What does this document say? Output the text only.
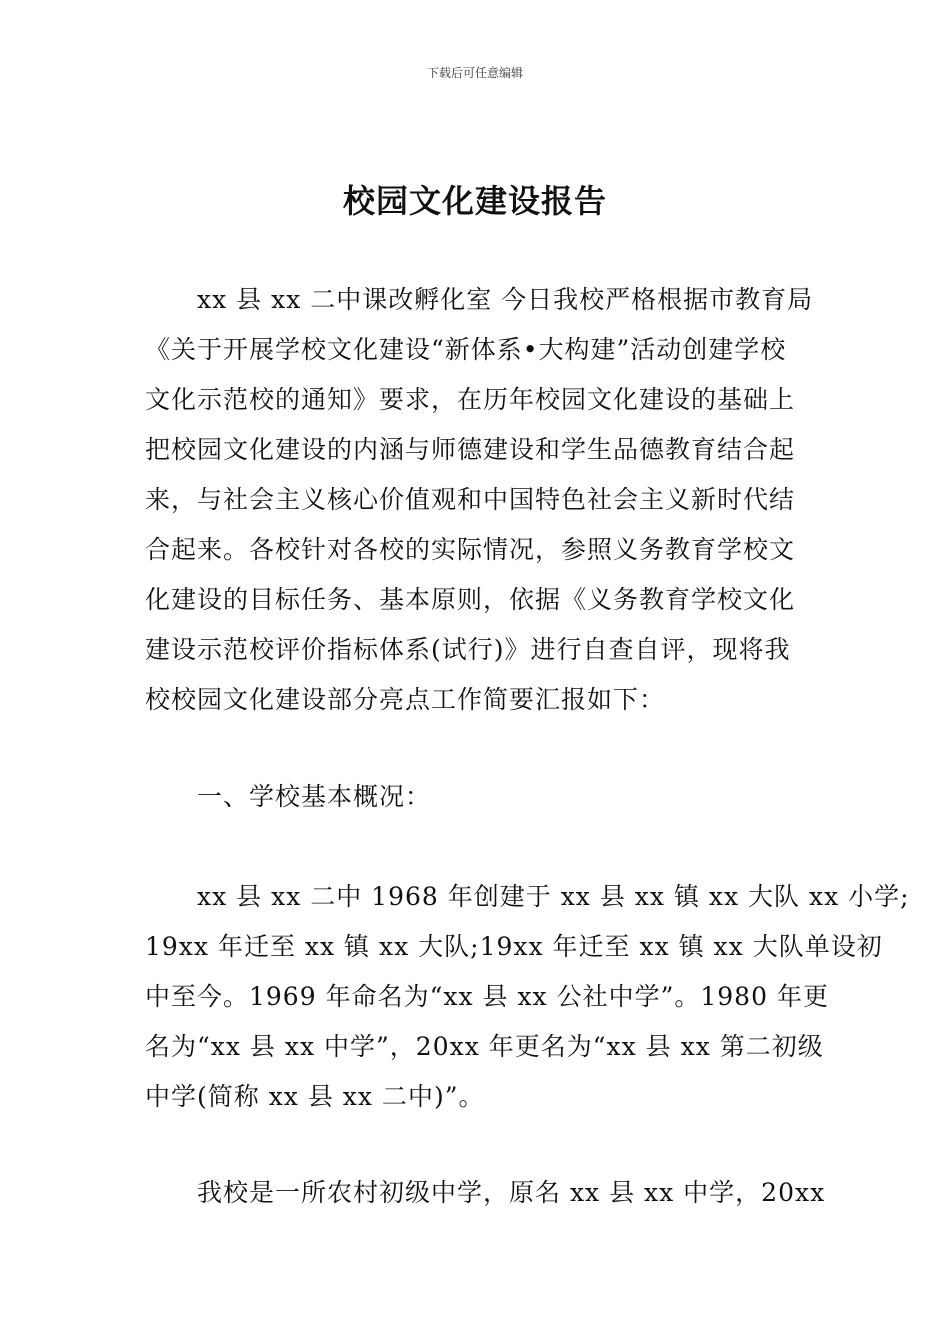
下载后可任意编辑
校园文化建设报告
xx 县 xx 二中课改孵化室 今日我校严格根据市教育局
《关于开展学校文化建设“新体系•大构建”活动创建学校
文化示范校的通知》要求，在历年校园文化建设的基础上
把校园文化建设的内涵与师德建设和学生品德教育结合起
来，与社会主义核心价值观和中国特色社会主义新时代结
合起来。各校针对各校的实际情况，参照义务教育学校文
化建设的目标任务、基本原则，依据《义务教育学校文化
建设示范校评价指标体系(试行)》进行自查自评，现将我
校校园文化建设部分亮点工作简要汇报如下：
一、学校基本概况：
xx 县 xx 二中 1968 年创建于 xx 县 xx 镇 xx 大队 xx 小学;
19xx 年迁至 xx 镇 xx 大队;19xx 年迁至 xx 镇 xx 大队单设初
中至今。1969 年命名为“xx 县 xx 公社中学”。1980 年更
名为“xx 县 xx 中学”，20xx 年更名为“xx 县 xx 第二初级
中学(简称 xx 县 xx 二中)”。
我校是一所农村初级中学，原名 xx 县 xx 中学，20xx
